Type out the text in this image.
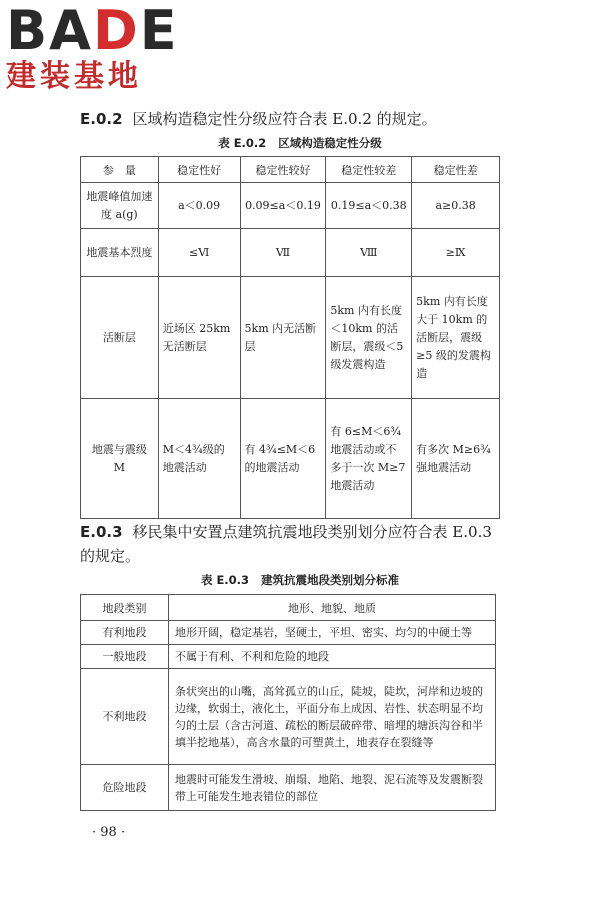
BADE
建装基地
E.0.2 区域构造稳定性分级应符合表 E.0.2 的规定。
表 E.0.2 区域构造稳定性分级
参　量	稳定性好	稳定性较好	稳定性较差	稳定性差
地震峰值加速度 a(g)	a＜0.09	0.09≤a＜0.19	0.19≤a＜0.38	a≥0.38
地震基本烈度	≤Ⅵ	Ⅶ	Ⅷ	≥Ⅸ
活断层	近场区 25km 无活断层	5km 内无活断层	5km 内有长度＜10km 的活断层，震级＜5 级发震构造	5km 内有长度大于 10km 的活断层，震级≥5 级的发震构造
地震与震级 M	M＜4¾级的地震活动	有 4¾≤M＜6 的地震活动	有 6≤M＜6¾地震活动或不多于一次 M≥7 地震活动	有多次 M≥6¾强地震活动
E.0.3 移民集中安置点建筑抗震地段类别划分应符合表 E.0.3 的规定。
表 E.0.3 建筑抗震地段类别划分标准
地段类别	地形、地貌、地质
有利地段	地形开阔，稳定基岩，坚硬土，平坦、密实、均匀的中硬土等
一般地段	不属于有利、不利和危险的地段
不利地段	条状突出的山嘴，高耸孤立的山丘，陡坡，陡坎，河岸和边坡的边缘，软弱土，液化土，平面分布上成因、岩性、状态明显不均匀的土层（含古河道、疏松的断层破碎带、暗埋的塘浜沟谷和半填半挖地基），高含水量的可塑黄土，地表存在裂缝等
危险地段	地震时可能发生滑坡、崩塌、地陷、地裂、泥石流等及发震断裂带上可能发生地表错位的部位
· 98 ·
